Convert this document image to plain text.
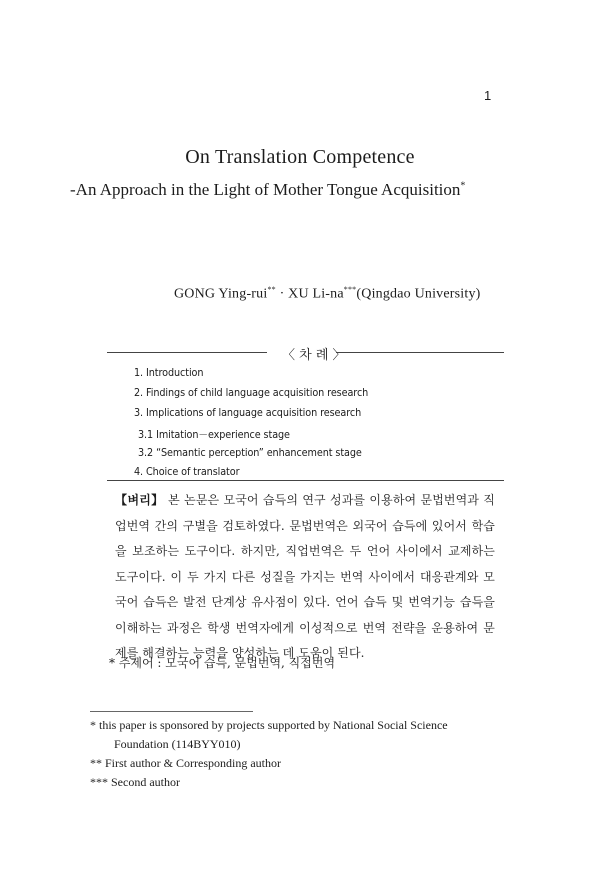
1
On Translation Competence
-An Approach in the Light of Mother Tongue Acquisition*
GONG Ying-rui** · XU Li-na***(Qingdao University)
〈 차 례 〉
1. Introduction
2. Findings of child language acquisition research
3. Implications of language acquisition research
3.1 Imitation－experience stage
3.2 “Semantic perception” enhancement stage
4. Choice of translator
【벼리】 본 논문은 모국어 습득의 연구 성과를 이용하여 문법번역과 직업번역 간의 구별을 검토하였다. 문법번역은 외국어 습득에 있어서 학습을 보조하는 도구이다. 하지만, 직업번역은 두 언어 사이에서 교제하는 도구이다. 이 두 가지 다른 성질을 가지는 번역 사이에서 대응관계와 모국어 습득은 발전 단계상 유사점이 있다. 언어 습득 및 번역기능 습득을 이해하는 과정은 학생 번역자에게 이성적으로 번역 전략을 운용하여 문제를 해결하는 능력을 양성하는 데 도움이 된다.
* 주제어 : 모국어 습득, 문법번역, 직접번역
* this paper is sponsored by projects supported by National Social Science
Foundation (114BYY010)
** First author & Corresponding author
*** Second author
